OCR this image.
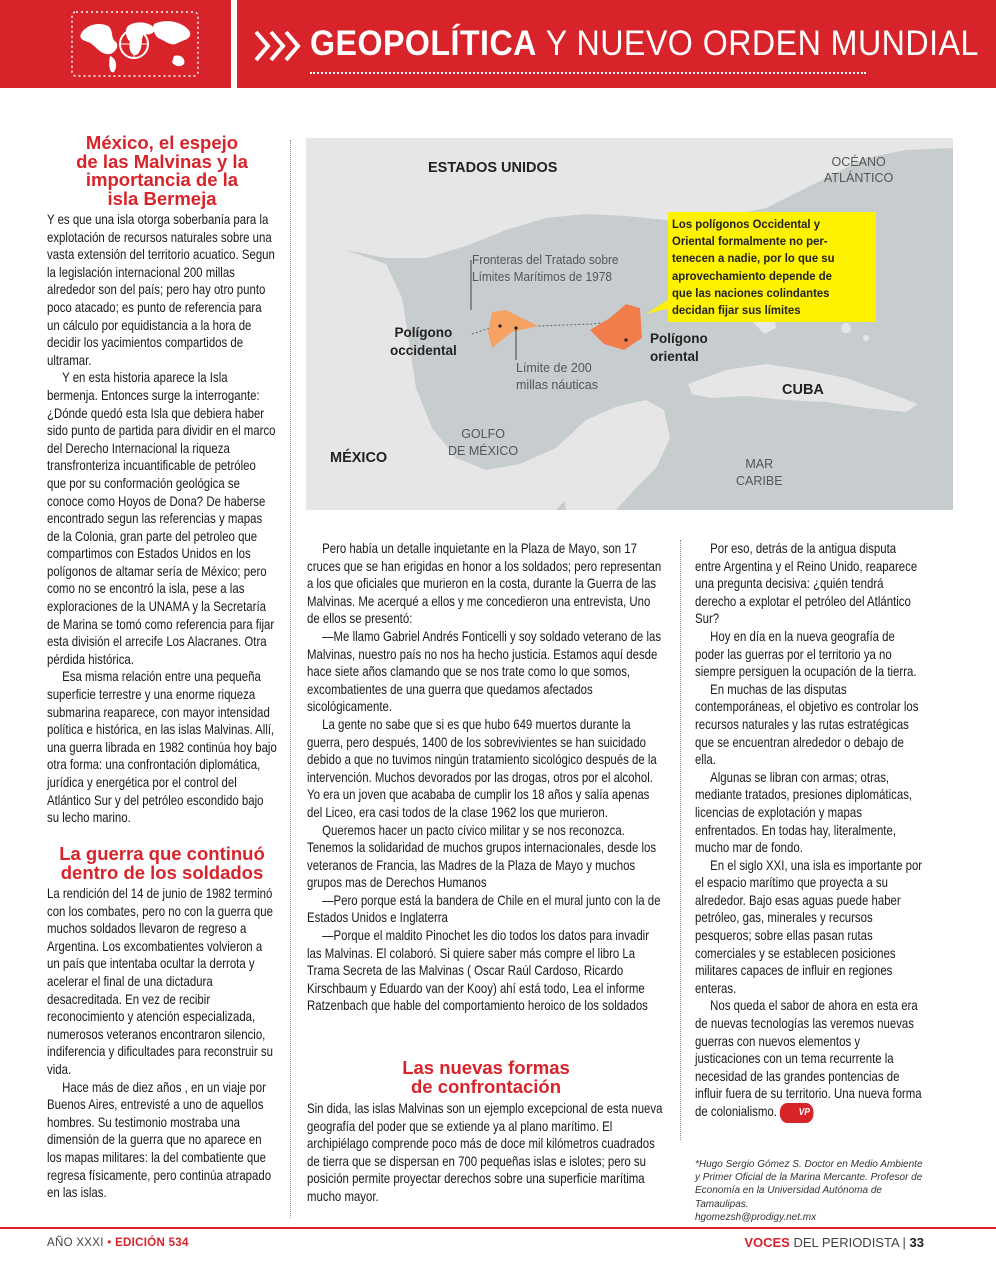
GEOPOLÍTICA Y NUEVO ORDEN MUNDIAL
México, el espejo
de las Malvinas y la
importancia de la
isla Bermeja

Y es que una isla otorga soberbanía para la explotación de recursos naturales sobre una vasta extensión del territorio acuatico. Segun la legislación internacional 200 millas alrededor son del país; pero hay otro punto poco atacado; es punto de referencia para un cálculo por equidistancia a la hora de decidir los yacimientos compartidos de ultramar.

Y en esta historia aparece la Isla bermenja. Entonces surge la interrogante: ¿Dónde quedó esta Isla que debiera haber sido punto de partida para dividir en el marco del Derecho Internacional la riqueza transfronteriza incuantificable de petróleo que por su conformación geológica se conoce como Hoyos de Dona? De haberse encontrado segun las referencias y mapas de la Colonia, gran parte del petroleo que compartimos con Estados Unidos en los polígonos de altamar sería de México; pero como no se encontró la isla, pese a las exploraciones de la UNAMA y la Secretaría de Marina se tomó como referencia para fijar esta división el arrecife Los Alacranes. Otra pérdida histórica.

Esa misma relación entre una pequeña superficie terrestre y una enorme riqueza submarina reaparece, con mayor intensidad política e histórica, en las islas Malvinas. Allí, una guerra librada en 1982 continúa hoy bajo otra forma: una confrontación diplomática, jurídica y energética por el control del Atlántico Sur y del petróleo escondido bajo su lecho marino.

La guerra que continuó
dentro de los soldados

La rendición del 14 de junio de 1982 terminó con los combates, pero no con la guerra que muchos soldados llevaron de regreso a Argentina. Los excombatientes volvieron a un país que intentaba ocultar la derrota y acelerar el final de una dictadura desacreditada. En vez de recibir reconocimiento y atención especializada, numerosos veteranos encontraron silencio, indiferencia y dificultades para reconstruir su vida.

Hace más de diez años , en un viaje por Buenos Aires, entrevisté a uno de aquellos hombres. Su testimonio mostraba una dimensión de la guerra que no aparece en los mapas militares: la del combatiente que regresa físicamente, pero continúa atrapado en las islas.

ESTADOS UNIDOS	OCÉANO
ATLÁNTICO
Los polígonos Occidental y
Oriental formalmente no per-
tenecen a nadie, por lo que su
aprovechamiento depende de
que las naciones colindantes
decidan fijar sus límites
Fronteras del Tratado sobre
Límites Marítimos de 1978
Polígono
occidental
Polígono
oriental
Límite de 200
millas náuticas	CUBA
GOLFO
DE MÉXICO
MÉXICO	MAR
CARIBE

Pero había un detalle inquietante en la Plaza de Mayo, son 17 cruces que se han erigidas en honor a los soldados; pero representan a los que oficiales que murieron en la costa, durante la Guerra de las Malvinas. Me acerqué a ellos y me concedieron una entrevista, Uno de ellos se presentó:

—Me llamo Gabriel Andrés Fonticelli y soy soldado veterano de las Malvinas, nuestro país no nos ha hecho justicia. Estamos aquí desde hace siete años clamando que se nos trate como lo que somos, excombatientes de una guerra que quedamos afectados sicológicamente.

La gente no sabe que si es que hubo 649 muertos durante la guerra, pero después, 1400 de los sobrevivientes se han suicidado debido a que no tuvimos ningún tratamiento sicológico después de la intervención. Muchos devorados por las drogas, otros por el alcohol. Yo era un joven que acababa de cumplir los 18 años y salía apenas del Liceo, era casi todos de la clase 1962 los que murieron.

Queremos hacer un pacto cívico militar y se nos reconozca. Tenemos la solidaridad de muchos grupos internacionales, desde los veteranos de Francia, las Madres de la Plaza de Mayo y muchos grupos mas de Derechos Humanos

—Pero porque está la bandera de Chile en el mural junto con la de Estados Unidos e Inglaterra

—Porque el maldito Pinochet les dio todos los datos para invadir las Malvinas. El colaboró. Si quiere saber más compre el libro La Trama Secreta de las Malvinas ( Oscar Raúl Cardoso, Ricardo Kirschbaum y Eduardo van der Kooy) ahí está todo, Lea el informe Ratzenbach que hable del comportamiento heroico de los soldados

Las nuevas formas
de confrontación

Sin dida, las islas Malvinas son un ejemplo excepcional de esta nueva geografía del poder que se extiende ya al plano marítimo. El archipiélago comprende poco más de doce mil kilómetros cuadrados de tierra que se dispersan en 700 pequeñas islas e islotes; pero su posición permite proyectar derechos sobre una superficie marítima mucho mayor.

Por eso, detrás de la antigua disputa entre Argentina y el Reino Unido, reaparece una pregunta decisiva: ¿quién tendrá derecho a explotar el petróleo del Atlántico Sur?

Hoy en día en la nueva geografía de poder las guerras por el territorio ya no siempre persiguen la ocupación de la tierra.

En muchas de las disputas contemporáneas, el objetivo es controlar los recursos naturales y las rutas estratégicas que se encuentran alrededor o debajo de ella.

Algunas se libran con armas; otras, mediante tratados, presiones diplomáticas, licencias de explotación y mapas enfrentados. En todas hay, literalmente, mucho mar de fondo.

En el siglo XXI, una isla es importante por el espacio marítimo que proyecta a su alrededor. Bajo esas aguas puede haber petróleo, gas, minerales y recursos pesqueros; sobre ellas pasan rutas comerciales y se establecen posiciones militares capaces de influir en regiones enteras.

Nos queda el sabor de ahora en esta era de nuevas tecnologías las veremos nuevas guerras con nuevos elementos y justicaciones con un tema recurrente la necesidad de las grandes pontencias de influir fuera de su territorio. Una nueva forma de colonialismo. VP

*Hugo Sergio Gómez S. Doctor en Medio Ambiente
y Primer Oficial de la Marina Mercante. Profesor de
Economía en la Universidad Autónoma de Tamaulipas.
hgomezsh@prodigy.net.mx
AÑO XXXI • EDICIÓN 534	VOCES DEL PERIODISTA | 33
